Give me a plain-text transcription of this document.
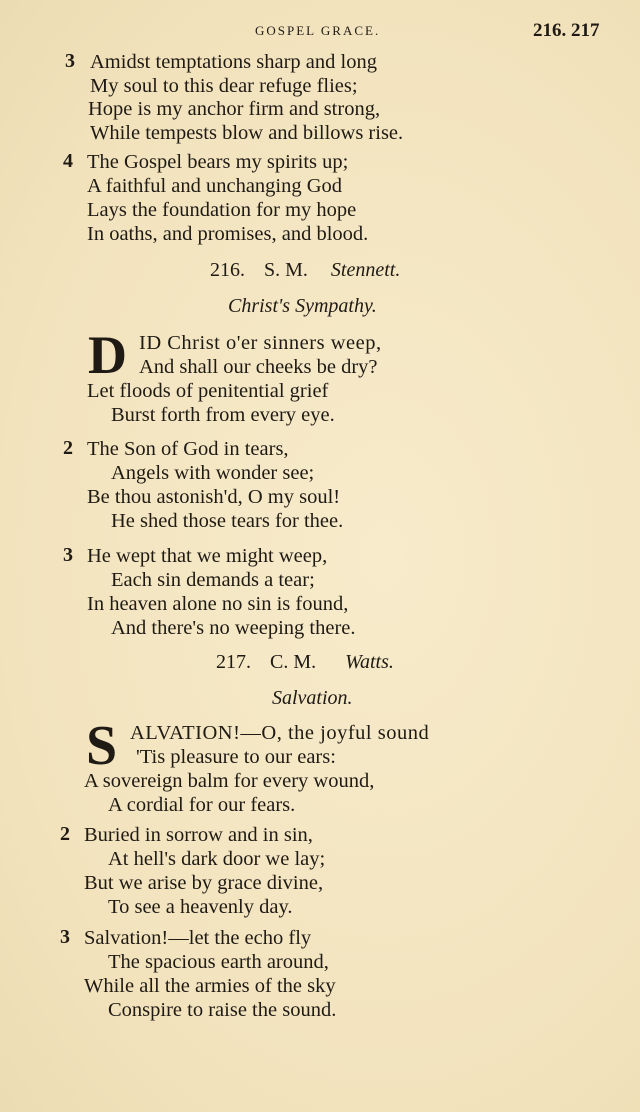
GOSPEL GRACE.	216. 217
3 Amidst temptations sharp and long
My soul to this dear refuge flies;
Hope is my anchor firm and strong,
While tempests blow and billows rise.
4 The Gospel bears my spirits up;
A faithful and unchanging God
Lays the foundation for my hope
In oaths, and promises, and blood.
216. S. M. Stennett.
Christ's Sympathy.
D ID Christ o'er sinners weep,
And shall our cheeks be dry?
Let floods of penitential grief
Burst forth from every eye.
2 The Son of God in tears,
Angels with wonder see;
Be thou astonish'd, O my soul!
He shed those tears for thee.
3 He wept that we might weep,
Each sin demands a tear;
In heaven alone no sin is found,
And there's no weeping there.
217. C. M. Watts.
Salvation.
S ALVATION!—O, the joyful sound
'Tis pleasure to our ears:
A sovereign balm for every wound,
A cordial for our fears.
2 Buried in sorrow and in sin,
At hell's dark door we lay;
But we arise by grace divine,
To see a heavenly day.
3 Salvation!—let the echo fly
The spacious earth around,
While all the armies of the sky
Conspire to raise the sound.
